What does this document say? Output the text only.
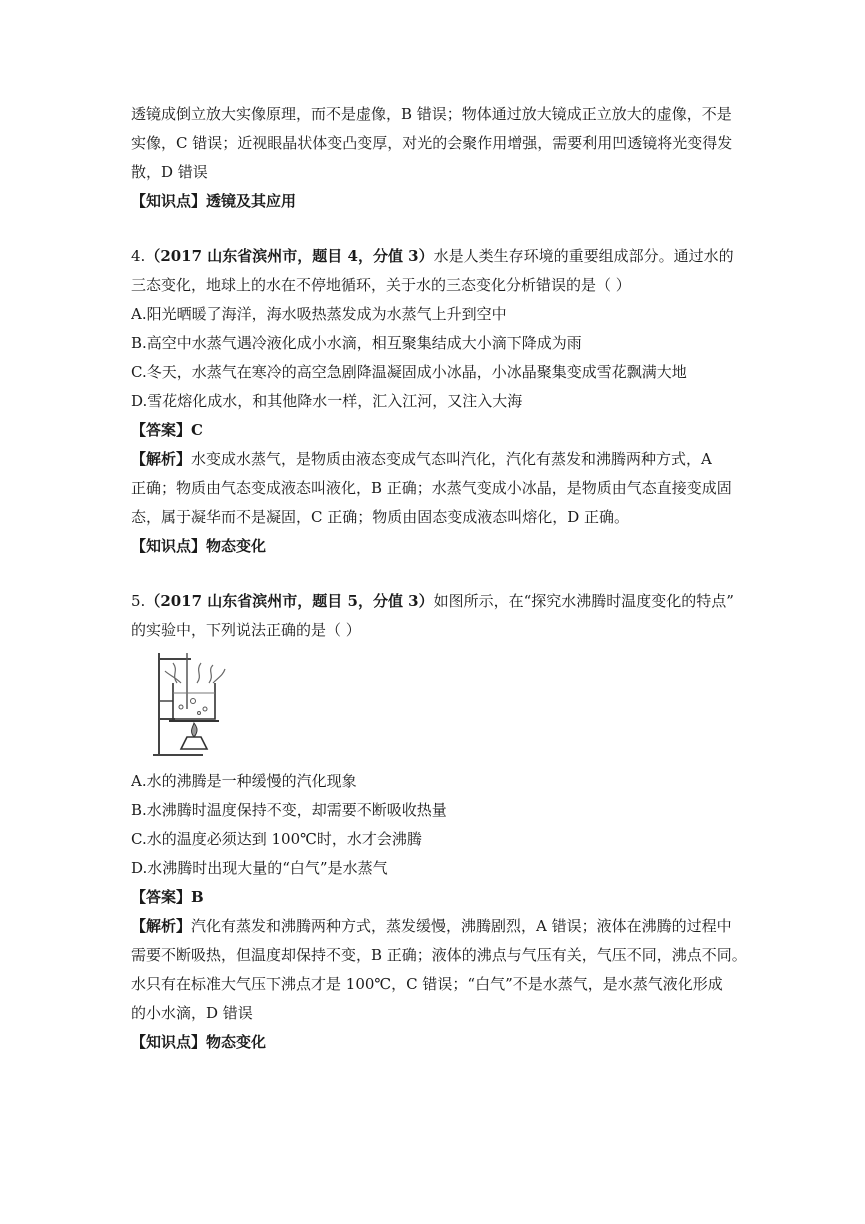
透镜成倒立放大实像原理，而不是虚像，B 错误；物体通过放大镜成正立放大的虚像，不是
实像，C 错误；近视眼晶状体变凸变厚，对光的会聚作用增强，需要利用凹透镜将光变得发
散，D 错误
【知识点】透镜及其应用
4.（2017 山东省滨州市，题目 4，分值 3）水是人类生存环境的重要组成部分。通过水的
三态变化，地球上的水在不停地循环，关于水的三态变化分析错误的是（ ）
A.阳光晒暖了海洋，海水吸热蒸发成为水蒸气上升到空中
B.高空中水蒸气遇冷液化成小水滴，相互聚集结成大小滴下降成为雨
C.冬天，水蒸气在寒冷的高空急剧降温凝固成小冰晶，小冰晶聚集变成雪花飘满大地
D.雪花熔化成水，和其他降水一样，汇入江河，又注入大海
【答案】C
【解析】水变成水蒸气，是物质由液态变成气态叫汽化，汽化有蒸发和沸腾两种方式，A
正确；物质由气态变成液态叫液化，B 正确；水蒸气变成小冰晶，是物质由气态直接变成固
态，属于凝华而不是凝固，C 正确；物质由固态变成液态叫熔化，D 正确。
【知识点】物态变化
5.（2017 山东省滨州市，题目 5，分值 3）如图所示，在“探究水沸腾时温度变化的特点”
的实验中，下列说法正确的是（ ）
A.水的沸腾是一种缓慢的汽化现象
B.水沸腾时温度保持不变，却需要不断吸收热量
C.水的温度必须达到 100℃时，水才会沸腾
D.水沸腾时出现大量的“白气”是水蒸气
【答案】B
【解析】汽化有蒸发和沸腾两种方式，蒸发缓慢，沸腾剧烈，A 错误；液体在沸腾的过程中
需要不断吸热，但温度却保持不变，B 正确；液体的沸点与气压有关，气压不同，沸点不同。
水只有在标准大气压下沸点才是 100℃，C 错误；“白气”不是水蒸气，是水蒸气液化形成
的小水滴，D 错误
【知识点】物态变化
